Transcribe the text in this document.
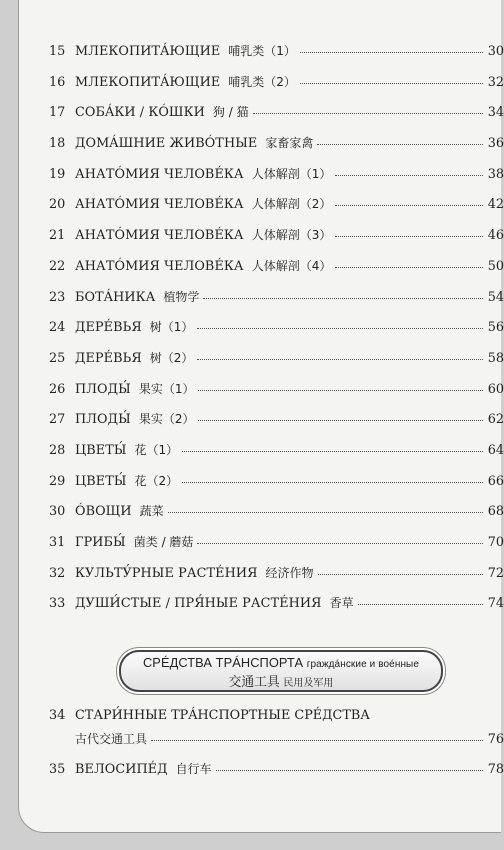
15 МЛЕКОПИТÁЮЩИЕ 哺乳类（1）	30
16 МЛЕКОПИТÁЮЩИЕ 哺乳类（2）	32
17 СОБÁКИ / КÓШКИ 狗 / 猫	34
18 ДОМÁШНИЕ ЖИВÓТНЫЕ 家畜家禽	36
19 АНАТÓМИЯ ЧЕЛОВÉКА 人体解剖（1）	38
20 АНАТÓМИЯ ЧЕЛОВÉКА 人体解剖（2）	42
21 АНАТÓМИЯ ЧЕЛОВÉКА 人体解剖（3）	46
22 АНАТÓМИЯ ЧЕЛОВÉКА 人体解剖（4）	50
23 БОТÁНИКА 植物学	54
24 ДЕРÉВЬЯ 树（1）	56
25 ДЕРÉВЬЯ 树（2）	58
26 ПЛОДЫ́ 果实（1）	60
27 ПЛОДЫ́ 果实（2）	62
28 ЦВЕТЫ́ 花（1）	64
29 ЦВЕТЫ́ 花（2）	66
30 ÓВОЩИ 蔬菜	68
31 ГРИБЫ́ 菌类 / 蘑菇	70
32 КУЛЬТУ́РНЫЕ РАСТÉНИЯ 经济作物	72
33 ДУШИ́СТЫЕ / ПРЯ́НЫЕ РАСТÉНИЯ 香草	74
СРÉДСТВА ТРÁНСПОРТА граждáнские и воéнные
交通工具 民用及军用
34 СТАРИ́ННЫЕ ТРÁНСПОРТНЫЕ СРÉДСТВА
古代交通工具	76
35 ВЕЛОСИПÉД 自行车	78
